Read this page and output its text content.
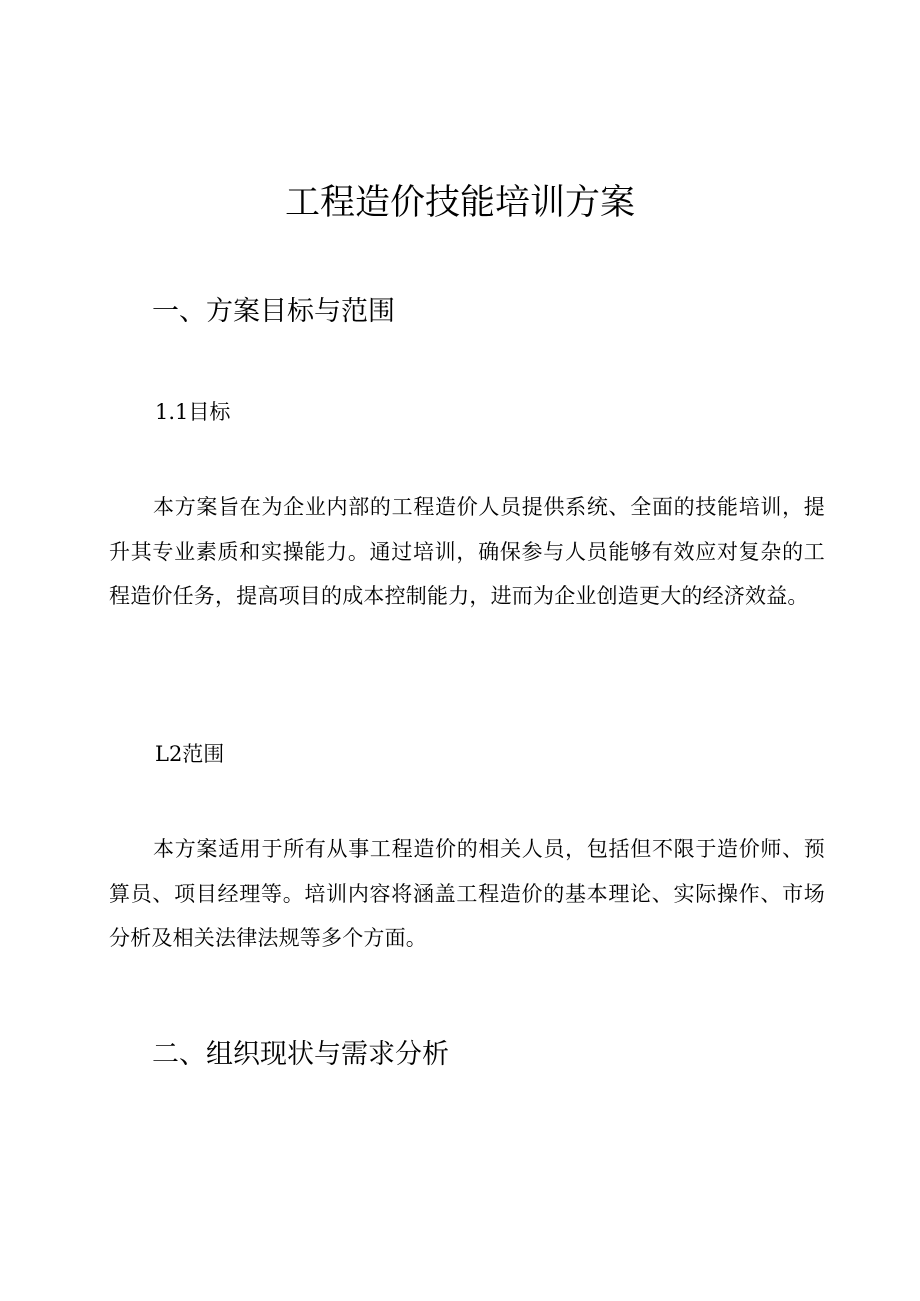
工程造价技能培训方案
一、方案目标与范围
1.1目标

本方案旨在为企业内部的工程造价人员提供系统、全面的技能培训，提升其专业素质和实操能力。通过培训，确保参与人员能够有效应对复杂的工程造价任务，提高项目的成本控制能力，进而为企业创造更大的经济效益。

L2范围

本方案适用于所有从事工程造价的相关人员，包括但不限于造价师、预算员、项目经理等。培训内容将涵盖工程造价的基本理论、实际操作、市场分析及相关法律法规等多个方面。

二、组织现状与需求分析
